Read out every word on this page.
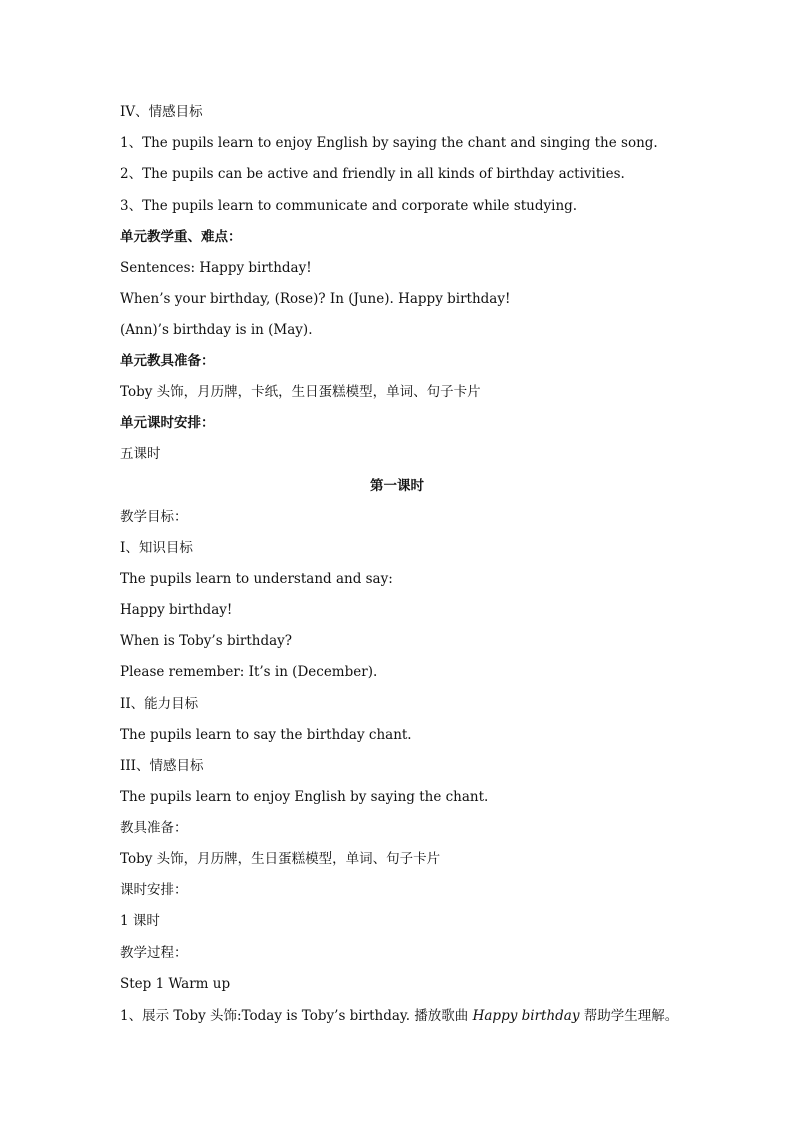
IV、情感目标
1、The pupils learn to enjoy English by saying the chant and singing the song.
2、The pupils can be active and friendly in all kinds of birthday activities.
3、The pupils learn to communicate and corporate while studying.
单元教学重、难点：
Sentences: Happy birthday!
When’s your birthday, (Rose)? In (June). Happy birthday!
(Ann)’s birthday is in (May).
单元教具准备：
Toby 头饰，月历牌，卡纸，生日蛋糕模型，单词、句子卡片
单元课时安排：
五课时
第一课时
教学目标：
I、知识目标
The pupils learn to understand and say:
Happy birthday!
When is Toby’s birthday?
Please remember: It’s in (December).
II、能力目标
The pupils learn to say the birthday chant.
III、情感目标
The pupils learn to enjoy English by saying the chant.
教具准备：
Toby 头饰，月历牌，生日蛋糕模型，单词、句子卡片
课时安排：
1 课时
教学过程：
Step 1 Warm up
1、展示 Toby 头饰:Today is Toby’s birthday. 播放歌曲 Happy birthday 帮助学生理解。
